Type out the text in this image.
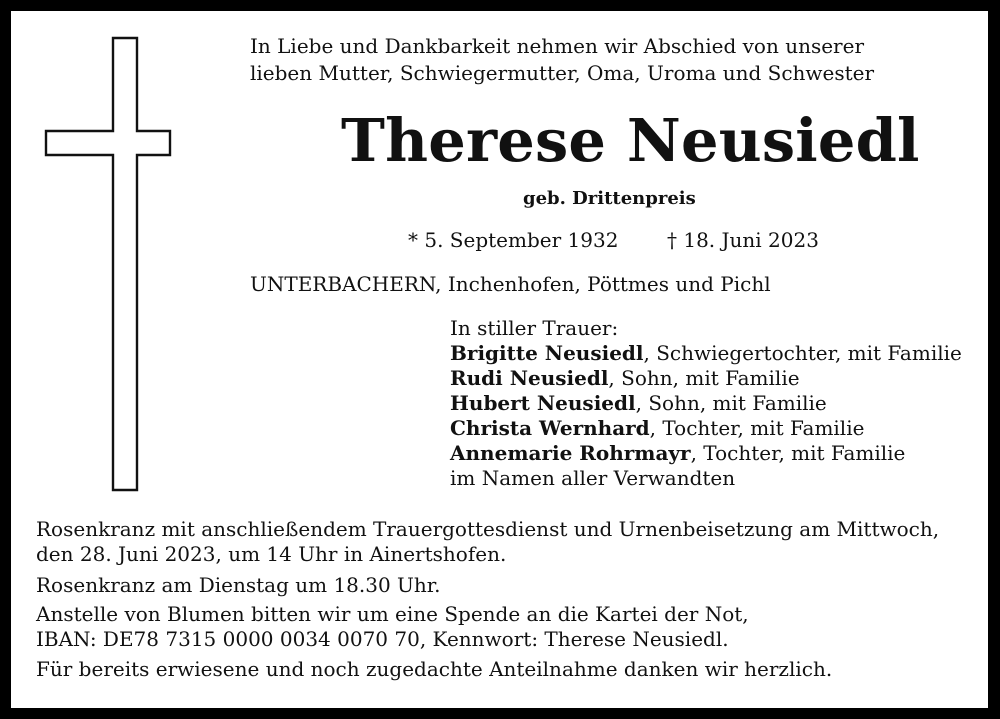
In Liebe und Dankbarkeit nehmen wir Abschied von unserer

lieben Mutter, Schwiegermutter, Oma, Uroma und Schwester

Therese Neusiedl

geb. Drittenpreis

* 5. September 1932 † 18. Juni 2023

UNTERBACHERN, Inchenhofen, Pöttmes und Pichl

In stiller Trauer:
Brigitte Neusiedl, Schwiegertochter, mit Familie
Rudi Neusiedl, Sohn, mit Familie
Hubert Neusiedl, Sohn, mit Familie
Christa Wernhard, Tochter, mit Familie
Annemarie Rohrmayr, Tochter, mit Familie
im Namen aller Verwandten

Rosenkranz mit anschließendem Trauergottesdienst und Urnenbeisetzung am Mittwoch,

den 28. Juni 2023, um 14 Uhr in Ainertshofen.

Rosenkranz am Dienstag um 18.30 Uhr.

Anstelle von Blumen bitten wir um eine Spende an die Kartei der Not,

IBAN: DE78 7315 0000 0034 0070 70, Kennwort: Therese Neusiedl.

Für bereits erwiesene und noch zugedachte Anteilnahme danken wir herzlich.
